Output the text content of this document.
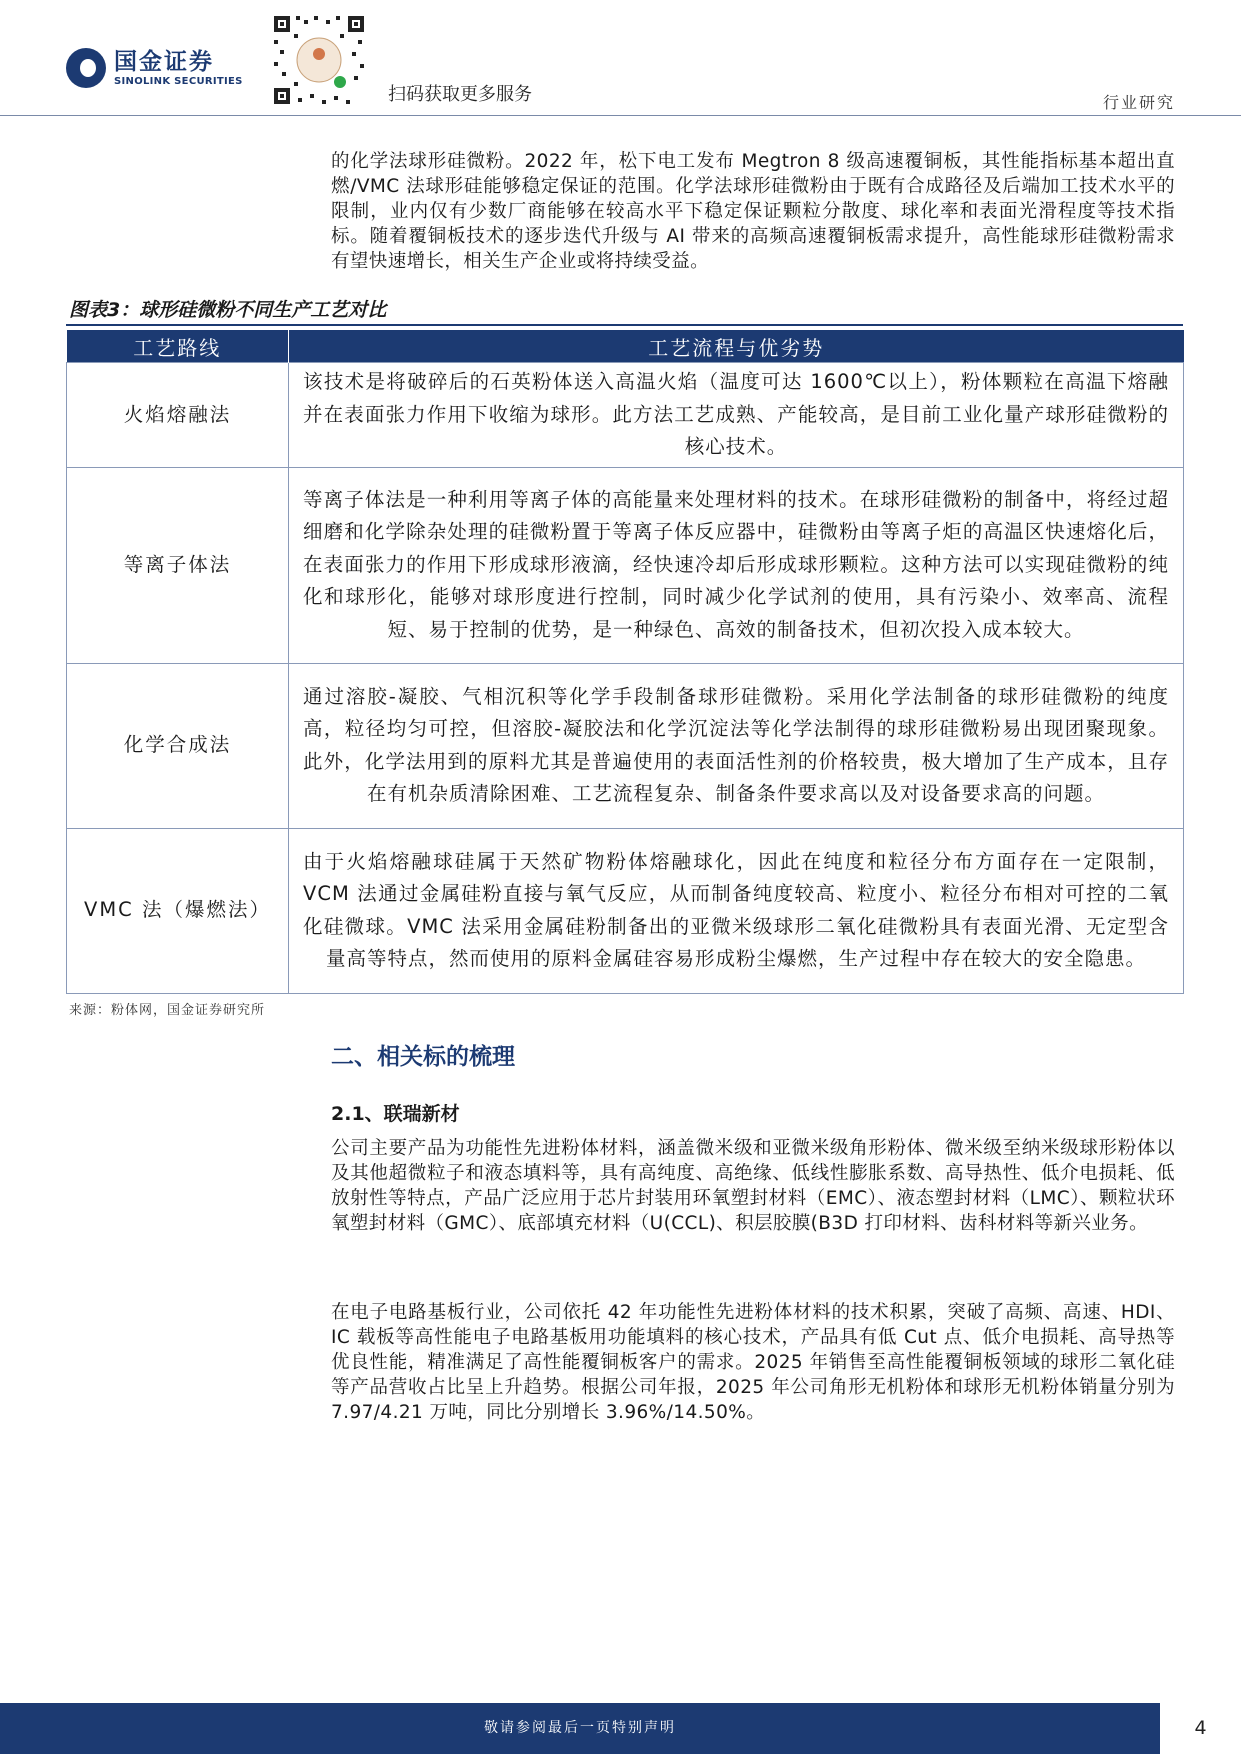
国金证券
SINOLINK SECURITIES
扫码获取更多服务	行业研究

的化学法球形硅微粉。2022 年，松下电工发布 Megtron 8 级高速覆铜板，其性能指标基本超出直燃/VMC 法球形硅能够稳定保证的范围。化学法球形硅微粉由于既有合成路径及后端加工技术水平的限制，业内仅有少数厂商能够在较高水平下稳定保证颗粒分散度、球化率和表面光滑程度等技术指标。随着覆铜板技术的逐步迭代升级与 AI 带来的高频高速覆铜板需求提升，高性能球形硅微粉需求有望快速增长，相关生产企业或将持续受益。

图表3：球形硅微粉不同生产工艺对比
工艺路线	工艺流程与优劣势
火焰熔融法	该技术是将破碎后的石英粉体送入高温火焰（温度可达 1600℃以上），粉体颗粒在高温下熔融并在表面张力作用下收缩为球形。此方法工艺成熟、产能较高，是目前工业化量产球形硅微粉的核心技术。
等离子体法	等离子体法是一种利用等离子体的高能量来处理材料的技术。在球形硅微粉的制备中，将经过超细磨和化学除杂处理的硅微粉置于等离子体反应器中，硅微粉由等离子炬的高温区快速熔化后，在表面张力的作用下形成球形液滴，经快速冷却后形成球形颗粒。这种方法可以实现硅微粉的纯化和球形化，能够对球形度进行控制，同时减少化学试剂的使用，具有污染小、效率高、流程短、易于控制的优势，是一种绿色、高效的制备技术，但初次投入成本较大。
化学合成法	通过溶胶-凝胶、气相沉积等化学手段制备球形硅微粉。采用化学法制备的球形硅微粉的纯度高，粒径均匀可控，但溶胶-凝胶法和化学沉淀法等化学法制得的球形硅微粉易出现团聚现象。此外，化学法用到的原料尤其是普遍使用的表面活性剂的价格较贵，极大增加了生产成本，且存在有机杂质清除困难、工艺流程复杂、制备条件要求高以及对设备要求高的问题。
VMC 法（爆燃法）	由于火焰熔融球硅属于天然矿物粉体熔融球化，因此在纯度和粒径分布方面存在一定限制，VCM 法通过金属硅粉直接与氧气反应，从而制备纯度较高、粒度小、粒径分布相对可控的二氧化硅微球。VMC 法采用金属硅粉制备出的亚微米级球形二氧化硅微粉具有表面光滑、无定型含量高等特点，然而使用的原料金属硅容易形成粉尘爆燃，生产过程中存在较大的安全隐患。
来源：粉体网，国金证券研究所
二、相关标的梳理
2.1、联瑞新材

公司主要产品为功能性先进粉体材料，涵盖微米级和亚微米级角形粉体、微米级至纳米级球形粉体以及其他超微粒子和液态填料等，具有高纯度、高绝缘、低线性膨胀系数、高导热性、低介电损耗、低放射性等特点，产品广泛应用于芯片封装用环氧塑封材料（EMC）、液态塑封材料（LMC）、颗粒状环氧塑封材料（GMC）、底部填充材料（U(CCL)、积层胶膜(B3D 打印材料、齿科材料等新兴业务。

在电子电路基板行业，公司依托 42 年功能性先进粉体材料的技术积累，突破了高频、高速、HDI、IC 载板等高性能电子电路基板用功能填料的核心技术，产品具有低 Cut 点、低介电损耗、高导热等优良性能，精准满足了高性能覆铜板客户的需求。2025 年销售至高性能覆铜板领域的球形二氧化硅等产品营收占比呈上升趋势。根据公司年报，2025 年公司角形无机粉体和球形无机粉体销量分别为 7.97/4.21 万吨，同比分别增长 3.96%/14.50%。

敬请参阅最后一页特别声明	4
